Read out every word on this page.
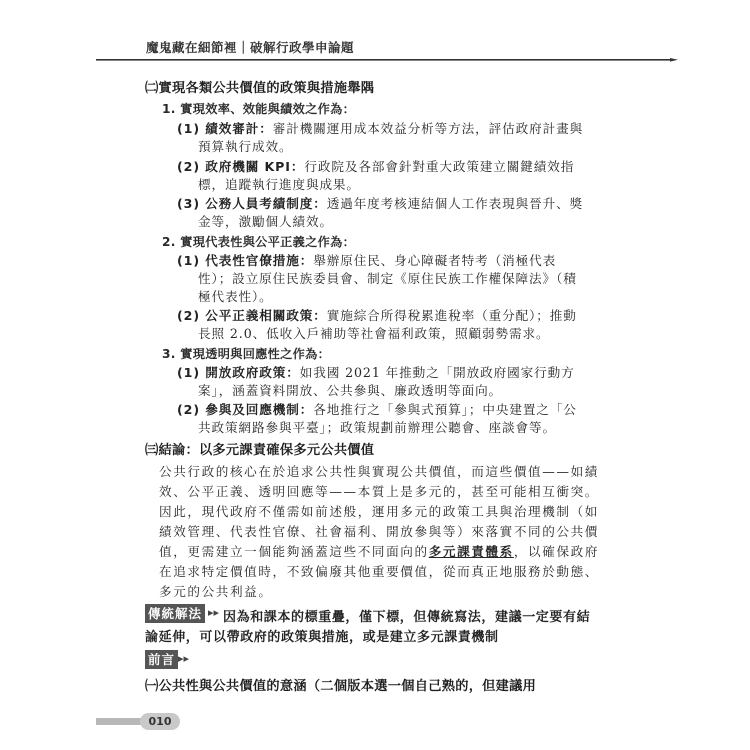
魔鬼藏在細節裡｜破解行政學申論題
㈡實現各類公共價值的政策與措施舉隅
1. 實現效率、效能與績效之作為：
(1) 績效審計：審計機關運用成本效益分析等方法，評估政府計畫與
預算執行成效。
(2) 政府機關 KPI：行政院及各部會針對重大政策建立關鍵績效指
標，追蹤執行進度與成果。
(3) 公務人員考績制度：透過年度考核連結個人工作表現與晉升、獎
金等，激勵個人績效。
2. 實現代表性與公平正義之作為：
(1) 代表性官僚措施：舉辦原住民、身心障礙者特考（消極代表
性）；設立原住民族委員會、制定《原住民族工作權保障法》（積
極代表性）。
(2) 公平正義相關政策：實施綜合所得稅累進稅率（重分配）；推動
長照 2.0、低收入戶補助等社會福利政策，照顧弱勢需求。
3. 實現透明與回應性之作為：
(1) 開放政府政策：如我國 2021 年推動之「開放政府國家行動方
案」，涵蓋資料開放、公共參與、廉政透明等面向。
(2) 參與及回應機制：各地推行之「參與式預算」；中央建置之「公
共政策網路參與平臺」；政策規劃前辦理公聽會、座談會等。
㈢結論：以多元課責確保多元公共價值
公共行政的核心在於追求公共性與實現公共價值，而這些價值——如績
效、公平正義、透明回應等——本質上是多元的，甚至可能相互衝突。
因此，現代政府不僅需如前述般，運用多元的政策工具與治理機制（如
績效管理、代表性官僚、社會福利、開放參與等）來落實不同的公共價
值，更需建立一個能夠涵蓋這些不同面向的多元課責體系，以確保政府
在追求特定價值時，不致偏廢其他重要價值，從而真正地服務於動態、
多元的公共利益。
傳統解法 ▸▸ 因為和課本的標重疊，僅下標，但傳統寫法，建議一定要有結
論延伸，可以帶政府的政策與措施，或是建立多元課責機制
前言 ▸▸
㈠公共性與公共價值的意涵（二個版本選一個自己熟的，但建議用
010
